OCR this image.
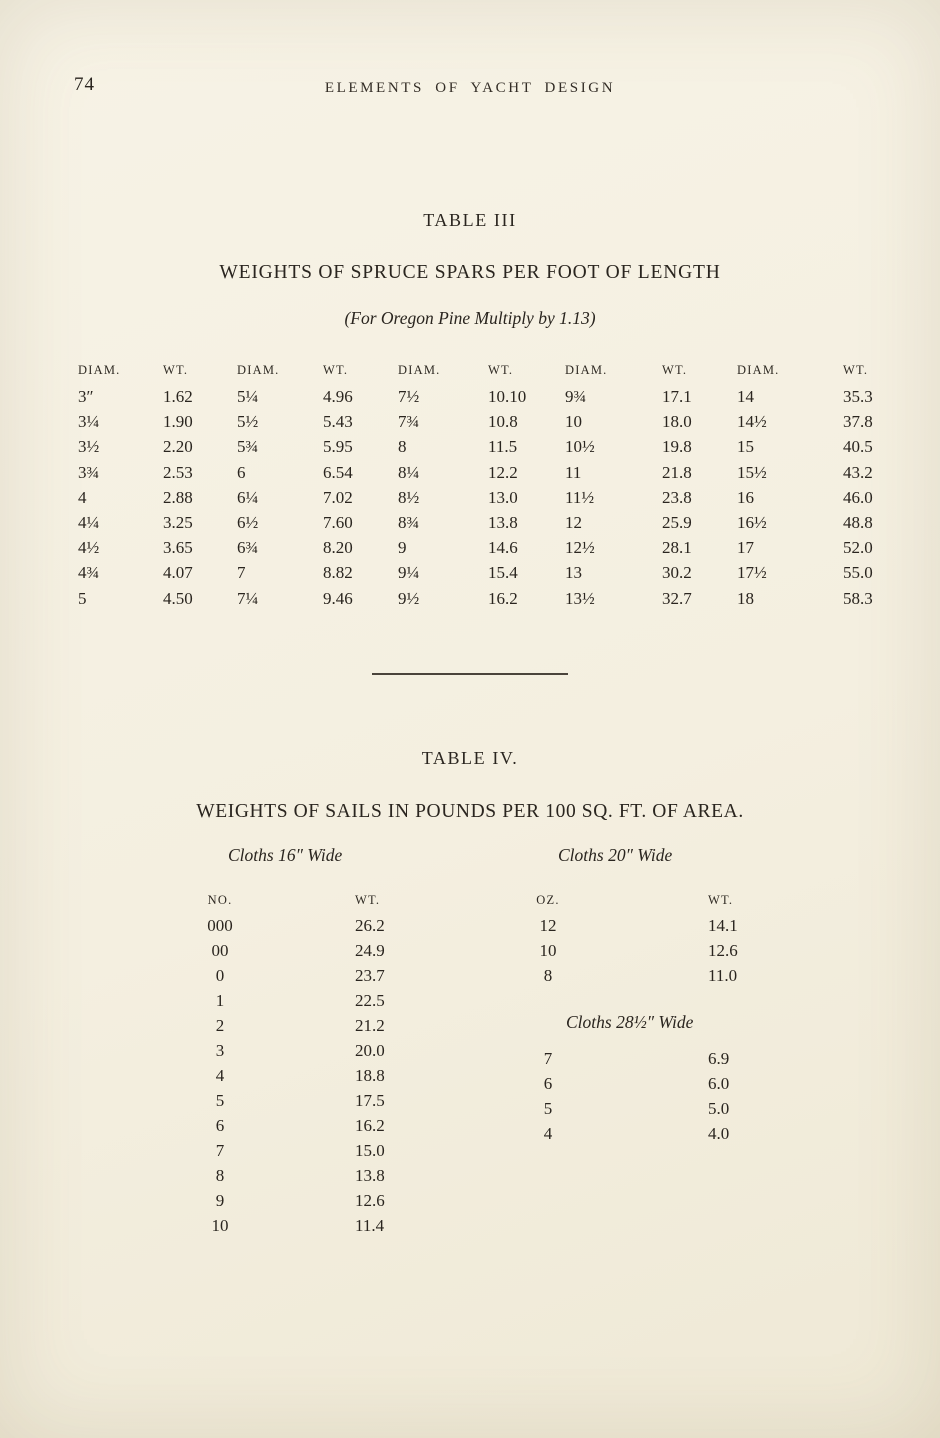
74	ELEMENTS OF YACHT DESIGN
TABLE III
WEIGHTS OF SPRUCE SPARS PER FOOT OF LENGTH
(For Oregon Pine Multiply by 1.13)
DIAM.	WT.	DIAM.	WT.	DIAM.	WT.	DIAM.	WT.	DIAM.	WT.
3″	1.62	5¼	4.96	7½	10.10	9¾	17.1	14	35.3
3¼	1.90	5½	5.43	7¾	10.8	10	18.0	14½	37.8
3½	2.20	5¾	5.95	8	11.5	10½	19.8	15	40.5
3¾	2.53	6	6.54	8¼	12.2	11	21.8	15½	43.2
4	2.88	6¼	7.02	8½	13.0	11½	23.8	16	46.0
4¼	3.25	6½	7.60	8¾	13.8	12	25.9	16½	48.8
4½	3.65	6¾	8.20	9	14.6	12½	28.1	17	52.0
4¾	4.07	7	8.82	9¼	15.4	13	30.2	17½	55.0
5	4.50	7¼	9.46	9½	16.2	13½	32.7	18	58.3
TABLE IV.
WEIGHTS OF SAILS IN POUNDS PER 100 SQ. FT. OF AREA.
Cloths 16″ Wide	Cloths 20″ Wide
NO.	WT.
000	26.2
00	24.9
0	23.7
1	22.5
2	21.2
3	20.0
4	18.8
5	17.5
6	16.2
7	15.0
8	13.8
9	12.6
10	11.4
OZ.	WT.
12	14.1
10	12.6
8	11.0
Cloths 28½″ Wide
7	6.9
6	6.0
5	5.0
4	4.0
